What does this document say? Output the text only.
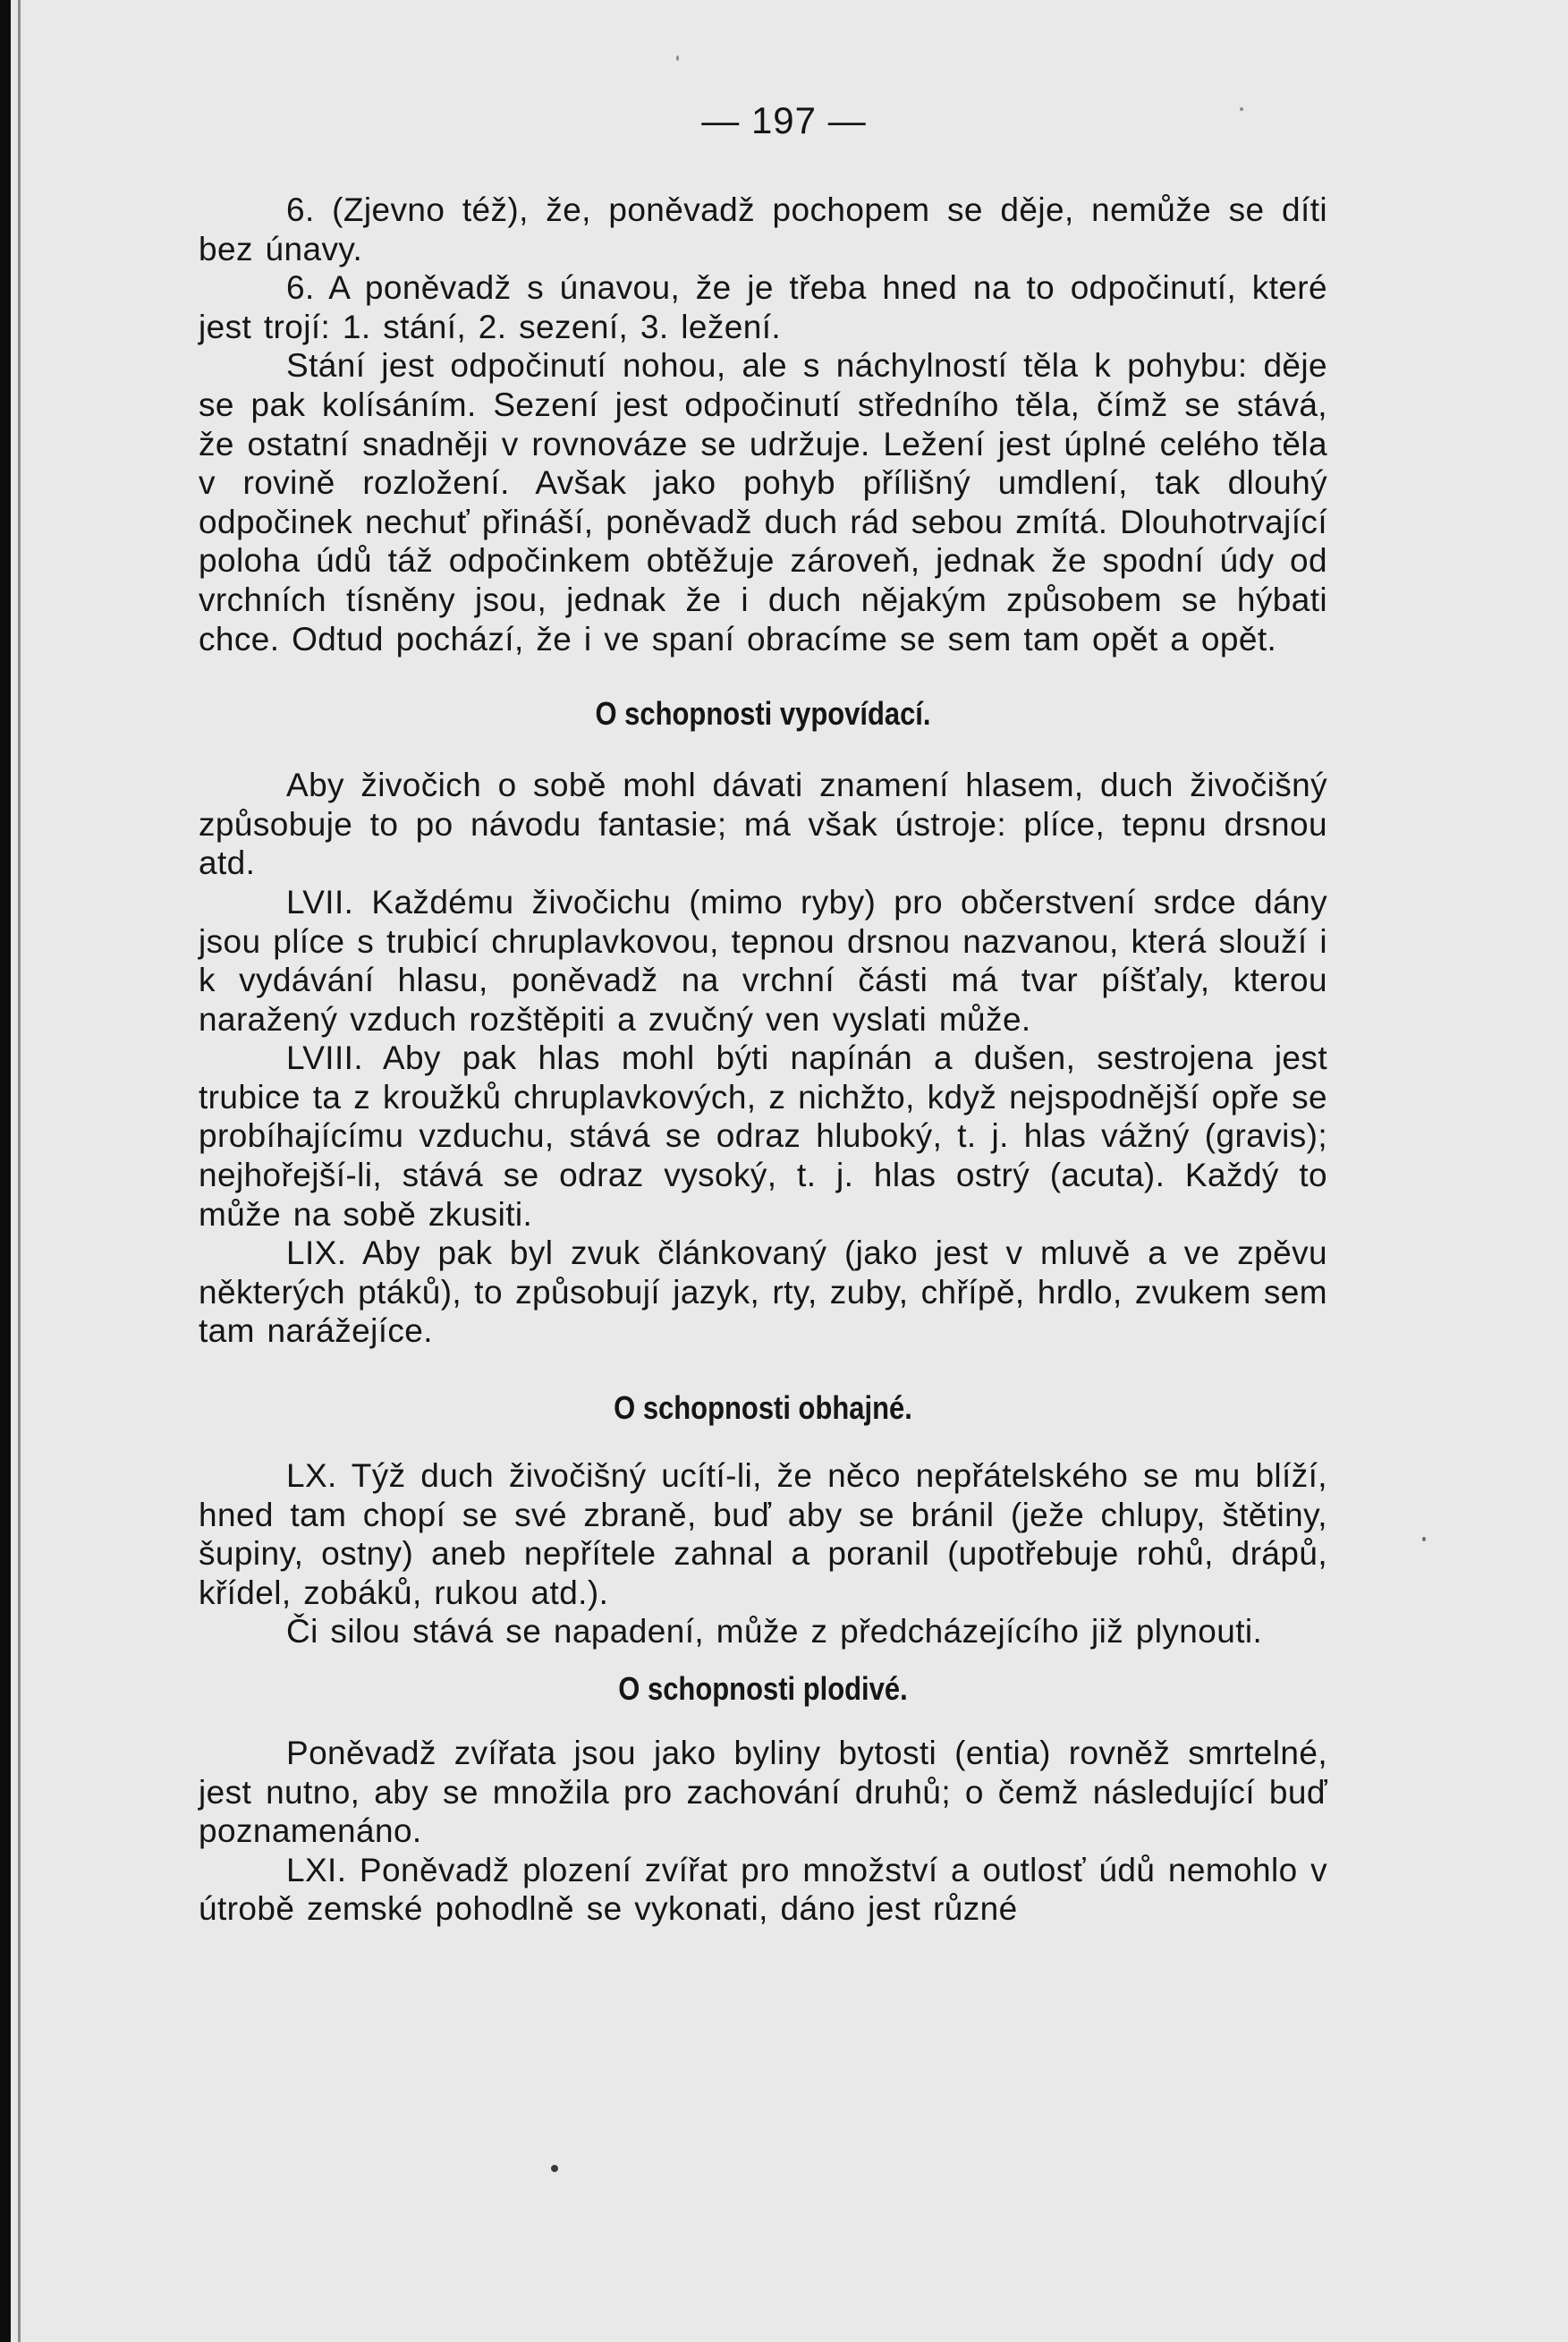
— 197 —

6. (Zjevno též), že, poněvadž pochopem se děje, nemůže se díti bez únavy.

6. A poněvadž s únavou, že je třeba hned na to odpočinutí, které jest trojí: 1. stání, 2. sezení, 3. ležení.

Stání jest odpočinutí nohou, ale s náchylností těla k pohybu: děje se pak kolísáním. Sezení jest odpočinutí středního těla, čímž se stává, že ostatní snadněji v rovnováze se udržuje. Ležení jest úplné celého těla v rovině rozložení. Avšak jako pohyb přílišný umdlení, tak dlouhý odpočinek nechuť přináší, poněvadž duch rád sebou zmítá. Dlouhotrvající poloha údů táž odpočinkem obtěžuje zároveň, jednak že spodní údy od vrchních tísněny jsou, jednak že i duch nějakým způsobem se hýbati chce. Odtud pochází, že i ve spaní obracíme se sem tam opět a opět.

O schopnosti vypovídací.

Aby živočich o sobě mohl dávati znamení hlasem, duch živočišný způsobuje to po návodu fantasie; má však ústroje: plíce, tepnu drsnou atd.

LVII. Každému živočichu (mimo ryby) pro občerstvení srdce dány jsou plíce s trubicí chruplavkovou, tepnou drsnou nazvanou, která slouží i k vydávání hlasu, poněvadž na vrchní části má tvar píšťaly, kterou naražený vzduch rozštěpiti a zvučný ven vyslati může.

LVIII. Aby pak hlas mohl býti napínán a dušen, sestrojena jest trubice ta z kroužků chruplavkových, z nichžto, když nejspodnější opře se probíhajícímu vzduchu, stává se odraz hluboký, t. j. hlas vážný (gravis); nejhořejší-li, stává se odraz vysoký, t. j. hlas ostrý (acuta). Každý to může na sobě zkusiti.

LIX. Aby pak byl zvuk článkovaný (jako jest v mluvě a ve zpěvu některých ptáků), to způsobují jazyk, rty, zuby, chřípě, hrdlo, zvukem sem tam narážejíce.

O schopnosti obhajné.

LX. Týž duch živočišný ucítí-li, že něco nepřátelského se mu blíží, hned tam chopí se své zbraně, buď aby se bránil (ježe chlupy, štětiny, šupiny, ostny) aneb nepřítele zahnal a poranil (upotřebuje rohů, drápů, křídel, zobáků, rukou atd.).

Či silou stává se napadení, může z předcházejícího již plynouti.

O schopnosti plodivé.

Poněvadž zvířata jsou jako byliny bytosti (entia) rovněž smrtelné, jest nutno, aby se množila pro zachování druhů; o čemž následující buď poznamenáno.

LXI. Poněvadž plození zvířat pro množství a outlosť údů nemohlo v útrobě zemské pohodlně se vykonati, dáno jest různé
